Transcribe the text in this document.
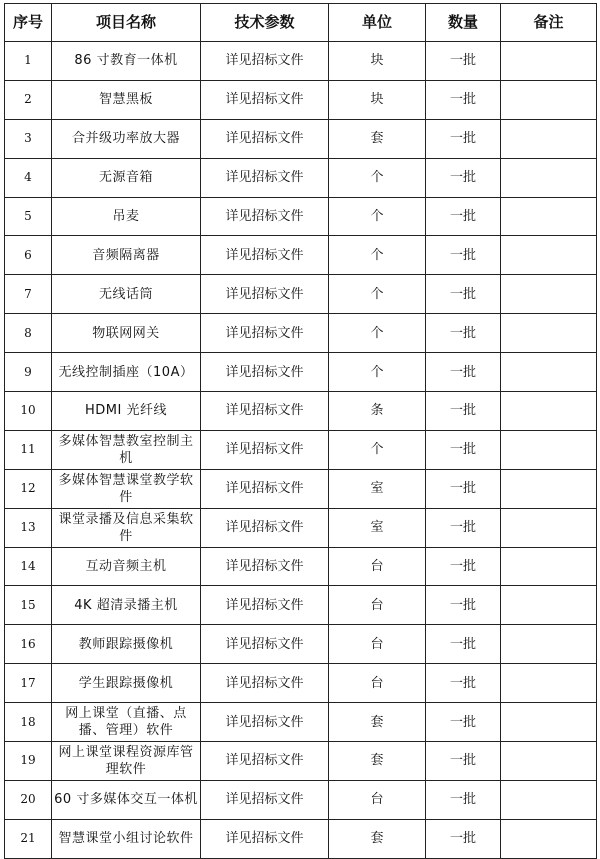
序号	项目名称	技术参数	单位	数量	备注
1	86 寸教育一体机	详见招标文件	块	一批	
2	智慧黑板	详见招标文件	块	一批	
3	合并级功率放大器	详见招标文件	套	一批	
4	无源音箱	详见招标文件	个	一批	
5	吊麦	详见招标文件	个	一批	
6	音频隔离器	详见招标文件	个	一批	
7	无线话筒	详见招标文件	个	一批	
8	物联网网关	详见招标文件	个	一批	
9	无线控制插座（10A）	详见招标文件	个	一批	
10	HDMI 光纤线	详见招标文件	条	一批	
11	多媒体智慧教室控制主机	详见招标文件	个	一批	
12	多媒体智慧课堂教学软件	详见招标文件	室	一批	
13	课堂录播及信息采集软件	详见招标文件	室	一批	
14	互动音频主机	详见招标文件	台	一批	
15	4K 超清录播主机	详见招标文件	台	一批	
16	教师跟踪摄像机	详见招标文件	台	一批	
17	学生跟踪摄像机	详见招标文件	台	一批	
18	网上课堂（直播、点播、管理）软件	详见招标文件	套	一批	
19	网上课堂课程资源库管理软件	详见招标文件	套	一批	
20	60 寸多媒体交互一体机	详见招标文件	台	一批	
21	智慧课堂小组讨论软件	详见招标文件	套	一批	
